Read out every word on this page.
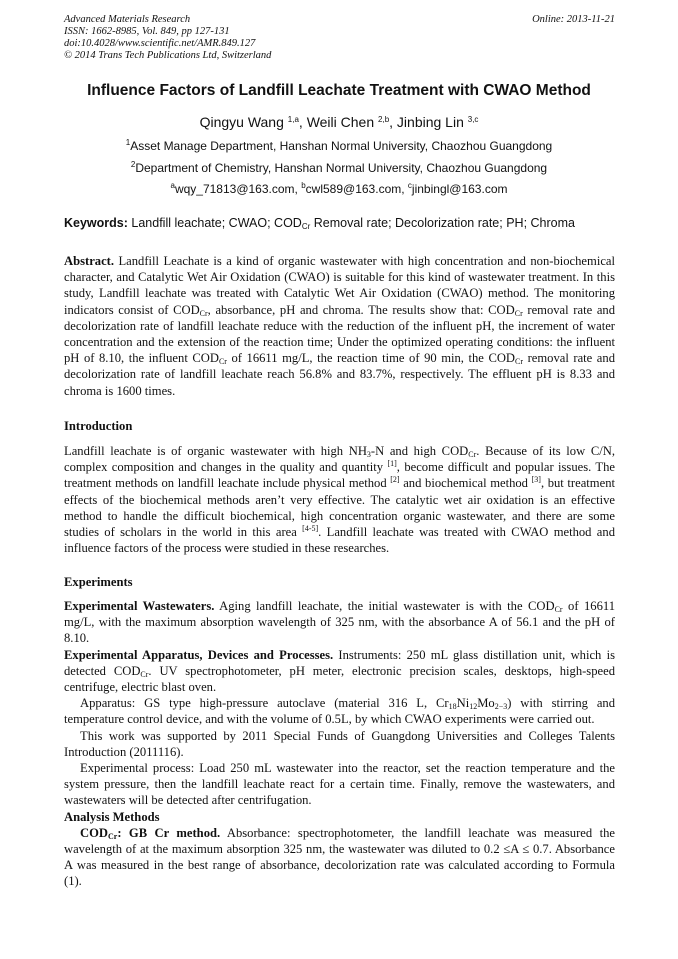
Advanced Materials Research
ISSN: 1662-8985, Vol. 849, pp 127-131
doi:10.4028/www.scientific.net/AMR.849.127
© 2014 Trans Tech Publications Ltd, Switzerland
Online: 2013-11-21
Influence Factors of Landfill Leachate Treatment with CWAO Method
Qingyu Wang $^{1,a}$, Weili Chen $^{2,b}$, Jinbing Lin $^{3,c}$
$^1$Asset Manage Department, Hanshan Normal University, Chaozhou Guangdong
$^2$Department of Chemistry, Hanshan Normal University, Chaozhou Guangdong
$^a$wqy_71813@163.com, $^b$cwl589@163.com, $^c$jinbingl@163.com
Keywords: Landfill leachate; CWAO; $COD_{Cr}$ Removal rate; Decolorization rate; PH; Chroma

Abstract. Landfill Leachate is a kind of organic wastewater with high concentration and non-biochemical character, and Catalytic Wet Air Oxidation (CWAO) is suitable for this kind of wastewater treatment. In this study, Landfill leachate was treated with Catalytic Wet Air Oxidation (CWAO) method. The monitoring indicators consist of $COD_{Cr}$, absorbance, pH and chroma. The results show that: $COD_{Cr}$ removal rate and decolorization rate of landfill leachate reduce with the reduction of the influent pH, the increment of water concentration and the extension of the reaction time; Under the optimized operating conditions: the influent pH of 8.10, the influent $COD_{Cr}$ of 16611 mg/L, the reaction time of 90 min, the $COD_{Cr}$ removal rate and decolorization rate of landfill leachate reach 56.8% and 83.7%, respectively. The effluent pH is 8.33 and chroma is 1600 times.

Introduction

Landfill leachate is of organic wastewater with high $NH_3-N$ and high $COD_{Cr}$. Because of its low C/N, complex composition and changes in the quality and quantity [1], become difficult and popular issues. The treatment methods on landfill leachate include physical method [2] and biochemical method [3], but treatment effects of the biochemical methods aren’t very effective. The catalytic wet air oxidation is an effective method to handle the difficult biochemical, high concentration organic wastewater, and there are some studies of scholars in the world in this area [4-5]. Landfill leachate was treated with CWAO method and influence factors of the process were studied in these researches.

Experiments

Experimental Wastewaters. Aging landfill leachate, the initial wastewater is with the $COD_{Cr}$ of 16611 mg/L, with the maximum absorption wavelength of 325 nm, with the absorbance A of 56.1 and the pH of 8.10.

Experimental Apparatus, Devices and Processes. Instruments: 250 mL glass distillation unit, which is detected $COD_{Cr}$. UV spectrophotometer, pH meter, electronic precision scales, desktops, high-speed centrifuge, electric blast oven.

Apparatus: GS type high-pressure autoclave (material 316 L, $Cr_{18}Ni_{12}Mo_{2-3}$) with stirring and temperature control device, and with the volume of 0.5L, by which CWAO experiments were carried out.

This work was supported by 2011 Special Funds of Guangdong Universities and Colleges Talents Introduction (2011116).

Experimental process: Load 250 mL wastewater into the reactor, set the reaction temperature and the system pressure, then the landfill leachate react for a certain time. Finally, remove the wastewaters, and wastewaters will be detected after centrifugation.

Analysis Methods

$COD_{Cr}$: GB Cr method. Absorbance: spectrophotometer, the landfill leachate was measured the wavelength of at the maximum absorption 325 nm, the wastewater was diluted to 0.2 ≤A ≤ 0.7. Absorbance A was measured in the best range of absorbance, decolorization rate was calculated according to Formula (1).
